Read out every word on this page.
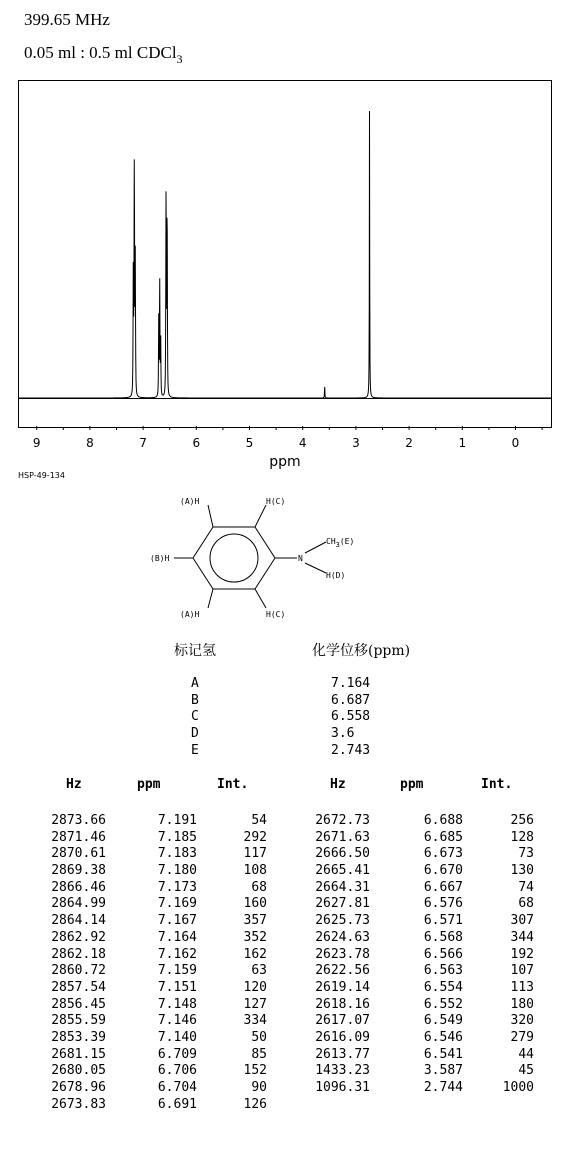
399.65 MHz
0.05 ml : 0.5 ml CDCl$_3$
9	8	7	6	5	4	3	2	1	0
ppm
HSP-49-134
(A)H	H(C)
(B)H	N
CH3(E)
H(D)
(A)H	H(C)
标记氢	化学位移(ppm)
A	7.164
B	6.687
C	6.558
D	3.6
E	2.743
Hz	ppm	Int.	Hz	ppm	Int.
2873.66	7.191	54	2672.73	6.688	256
2871.46	7.185	292	2671.63	6.685	128
2870.61	7.183	117	2666.50	6.673	73
2869.38	7.180	108	2665.41	6.670	130
2866.46	7.173	68	2664.31	6.667	74
2864.99	7.169	160	2627.81	6.576	68
2864.14	7.167	357	2625.73	6.571	307
2862.92	7.164	352	2624.63	6.568	344
2862.18	7.162	162	2623.78	6.566	192
2860.72	7.159	63	2622.56	6.563	107
2857.54	7.151	120	2619.14	6.554	113
2856.45	7.148	127	2618.16	6.552	180
2855.59	7.146	334	2617.07	6.549	320
2853.39	7.140	50	2616.09	6.546	279
2681.15	6.709	85	2613.77	6.541	44
2680.05	6.706	152	1433.23	3.587	45
2678.96	6.704	90	1096.31	2.744	1000
2673.83	6.691	126
